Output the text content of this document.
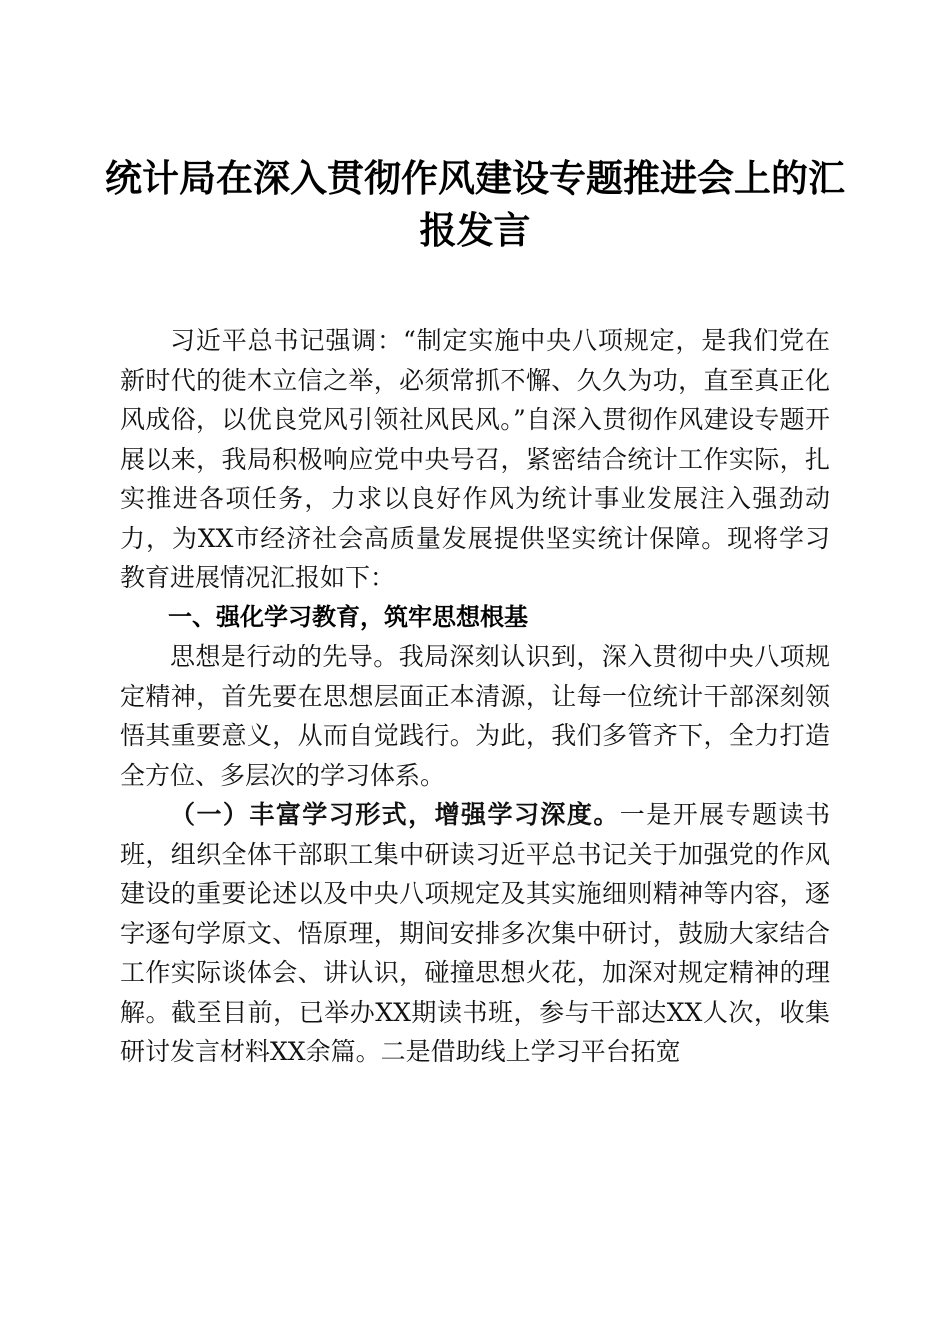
统计局在深入贯彻作风建设专题推进会上的汇报发言

习近平总书记强调：“制定实施中央八项规定，是我们党在新时代的徙木立信之举，必须常抓不懈、久久为功，直至真正化风成俗，以优良党风引领社风民风。”自深入贯彻作风建设专题开展以来，我局积极响应党中央号召，紧密结合统计工作实际，扎实推进各项任务，力求以良好作风为统计事业发展注入强劲动力，为XX市经济社会高质量发展提供坚实统计保障。现将学习教育进展情况汇报如下：

一、强化学习教育，筑牢思想根基

思想是行动的先导。我局深刻认识到，深入贯彻中央八项规定精神，首先要在思想层面正本清源，让每一位统计干部深刻领悟其重要意义，从而自觉践行。为此，我们多管齐下，全力打造全方位、多层次的学习体系。

（一）丰富学习形式，增强学习深度。一是开展专题读书班，组织全体干部职工集中研读习近平总书记关于加强党的作风建设的重要论述以及中央八项规定及其实施细则精神等内容，逐字逐句学原文、悟原理，期间安排多次集中研讨，鼓励大家结合工作实际谈体会、讲认识，碰撞思想火花，加深对规定精神的理解。截至目前，已举办XX期读书班，参与干部达XX人次，收集研讨发言材料XX余篇。二是借助线上学习平台拓宽
